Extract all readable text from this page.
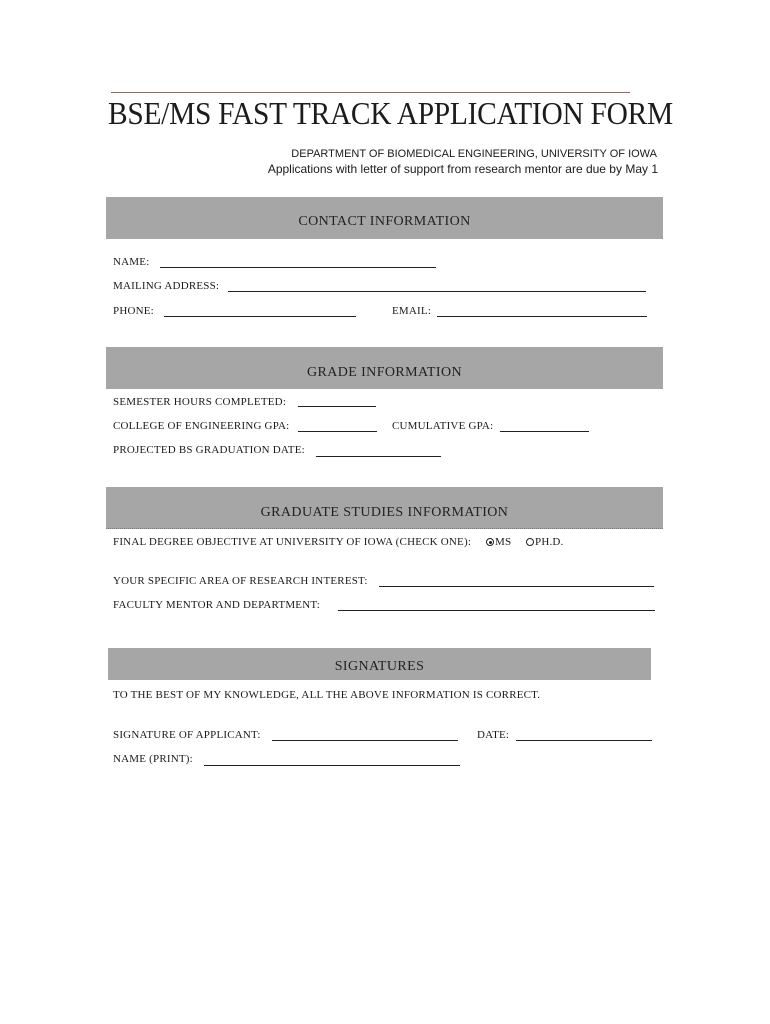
BSE/MS FAST TRACK APPLICATION FORM
DEPARTMENT OF BIOMEDICAL ENGINEERING, UNIVERSITY OF IOWA
Applications with letter of support from research mentor are due by May 1
CONTACT INFORMATION
NAME:
MAILING ADDRESS:
PHONE:	EMAIL:
GRADE INFORMATION
SEMESTER HOURS COMPLETED:
COLLEGE OF ENGINEERING GPA:	CUMULATIVE GPA:
PROJECTED BS GRADUATION DATE:
GRADUATE STUDIES INFORMATION
FINAL DEGREE OBJECTIVE AT UNIVERSITY OF IOWA (CHECK ONE):	MS	PH.D.
YOUR SPECIFIC AREA OF RESEARCH INTEREST:
FACULTY MENTOR AND DEPARTMENT:
SIGNATURES
TO THE BEST OF MY KNOWLEDGE, ALL THE ABOVE INFORMATION IS CORRECT.
SIGNATURE OF APPLICANT:	DATE:
NAME (PRINT):
